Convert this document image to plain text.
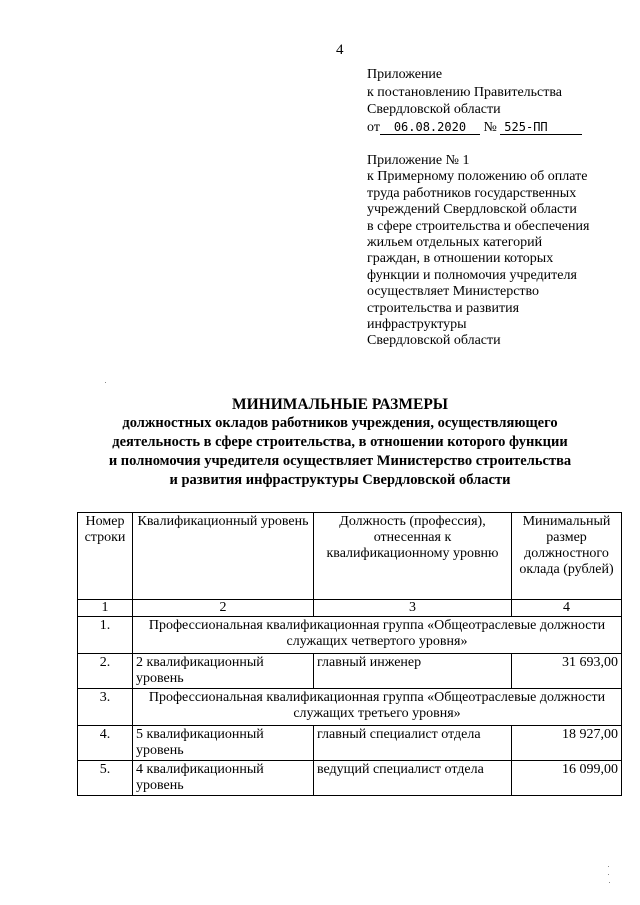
4
Приложение
к постановлению Правительства
Свердловской области
от 06.08.2020 № 525-ПП
Приложение № 1
к Примерному положению об оплате
труда работников государственных
учреждений Свердловской области
в сфере строительства и обеспечения
жильем отдельных категорий
граждан, в отношении которых
функции и полномочия учредителя
осуществляет Министерство
строительства и развития
инфраструктуры
Свердловской области
МИНИМАЛЬНЫЕ РАЗМЕРЫ
должностных окладов работников учреждения, осуществляющего
деятельность в сфере строительства, в отношении которого функции
и полномочия учредителя осуществляет Министерство строительства
и развития инфраструктуры Свердловской области
Номер строки	Квалификационный уровень	Должность (профессия), отнесенная к квалификационному уровню	Минимальный размер должностного оклада (рублей)
1	2	3	4
1.	Профессиональная квалификационная группа «Общеотраслевые должности служащих четвертого уровня»		
2.	2 квалификационный уровень	главный инженер	31 693,00
3.	Профессиональная квалификационная группа «Общеотраслевые должности служащих третьего уровня»		
4.	5 квалификационный уровень	главный специалист отдела	18 927,00
5.	4 квалификационный уровень	ведущий специалист отдела	16 099,00
